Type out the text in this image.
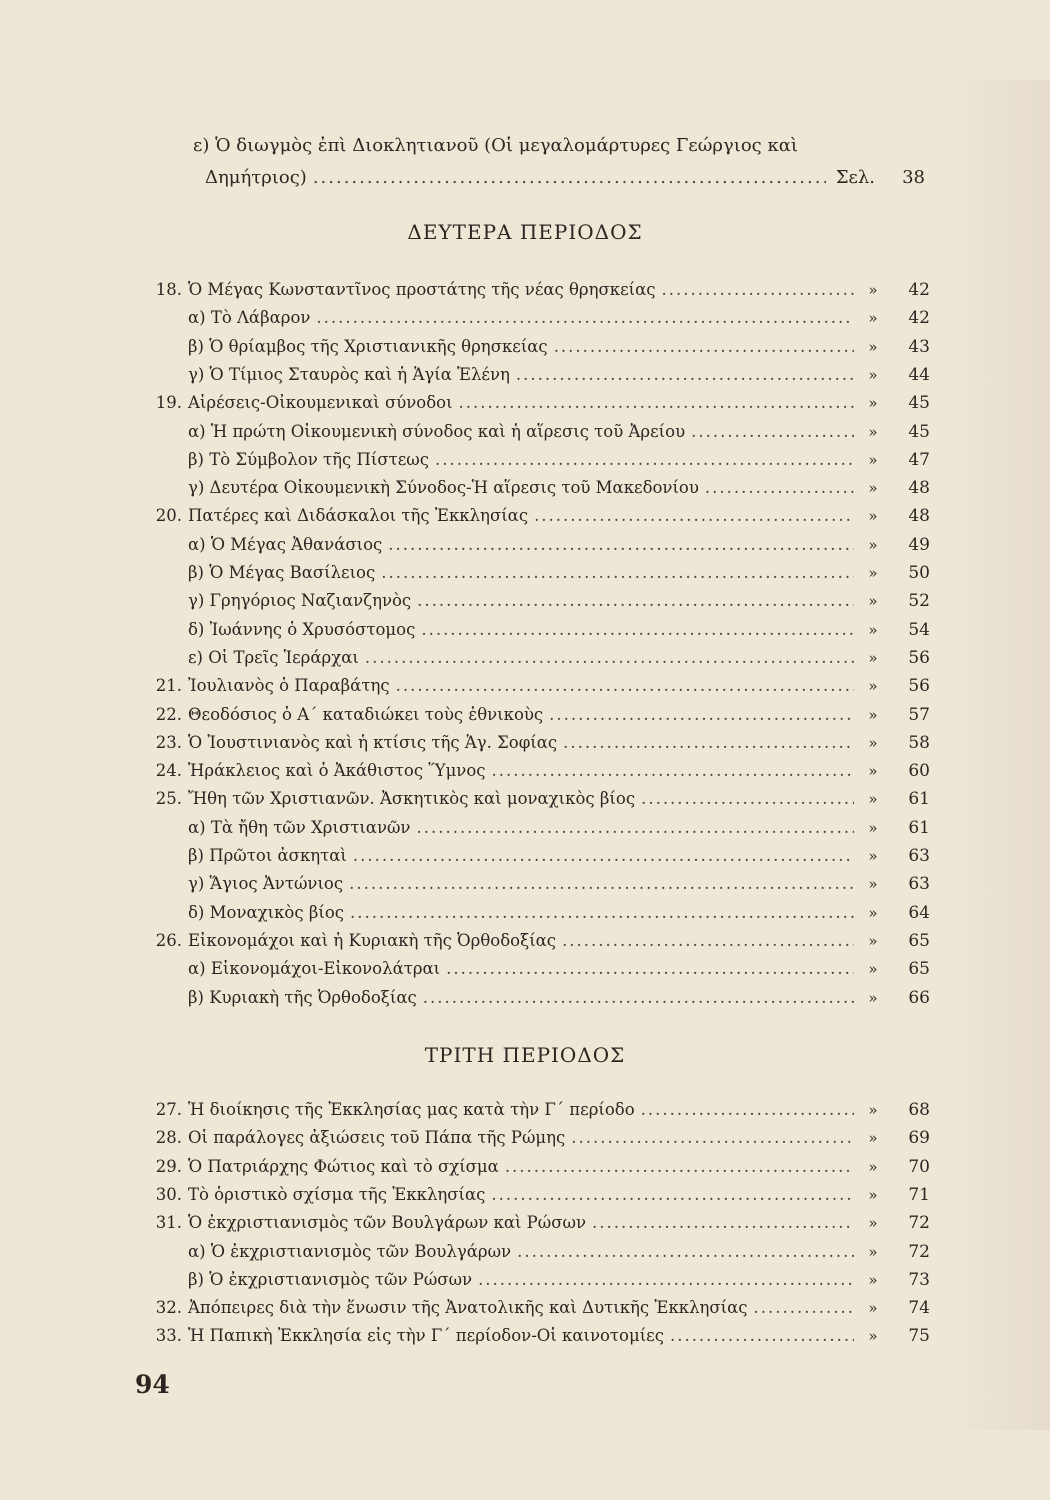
ε) Ὁ διωγμὸς ἐπὶ Διοκλητιανοῦ (Οἱ μεγαλομάρτυρες Γεώργιος καὶ
Δημήτριος) .....	Σελ.	38
ΔΕΥΤΕΡΑ ΠΕΡΙΟΔΟΣ
18. Ὁ Μέγας Κωνσταντῖνος προστάτης τῆς νέας θρησκείας .....	»	42
α) Τὸ Λάβαρον .....	»	42
β) Ὁ θρίαμβος τῆς Χριστιανικῆς θρησκείας .....	»	43
γ) Ὁ Τίμιος Σταυρὸς καὶ ἡ Ἁγία Ἑλένη .....	»	44
19. Αἱρέσεις-Οἰκουμενικαὶ σύνοδοι .....	»	45
α) Ἡ πρώτη Οἰκουμενικὴ σύνοδος καὶ ἡ αἵρεσις τοῦ Ἀρείου .....	»	45
β) Τὸ Σύμβολον τῆς Πίστεως .....	»	47
γ) Δευτέρα Οἰκουμενικὴ Σύνοδος-Ἡ αἵρεσις τοῦ Μακεδονίου .....	»	48
20. Πατέρες καὶ Διδάσκαλοι τῆς Ἐκκλησίας .....	»	48
α) Ὁ Μέγας Ἀθανάσιος .....	»	49
β) Ὁ Μέγας Βασίλειος .....	»	50
γ) Γρηγόριος Ναζιανζηνὸς .....	»	52
δ) Ἰωάννης ὁ Χρυσόστομος .....	»	54
ε) Οἱ Τρεῖς Ἱεράρχαι .....	»	56
21. Ἰουλιανὸς ὁ Παραβάτης .....	»	56
22. Θεοδόσιος ὁ Α΄ καταδιώκει τοὺς ἐθνικοὺς .....	»	57
23. Ὁ Ἰουστινιανὸς καὶ ἡ κτίσις τῆς Ἁγ. Σοφίας .....	»	58
24. Ἡράκλειος καὶ ὁ Ἀκάθιστος Ὕμνος .....	»	60
25. Ἤθη τῶν Χριστιανῶν. Ἀσκητικὸς καὶ μοναχικὸς βίος .....	»	61
α) Τὰ ἤθη τῶν Χριστιανῶν .....	»	61
β) Πρῶτοι ἀσκηταὶ .....	»	63
γ) Ἅγιος Ἀντώνιος .....	»	63
δ) Μοναχικὸς βίος .....	»	64
26. Εἰκονομάχοι καὶ ἡ Κυριακὴ τῆς Ὀρθοδοξίας .....	»	65
α) Εἰκονομάχοι-Εἰκονολάτραι .....	»	65
β) Κυριακὴ τῆς Ὀρθοδοξίας .....	»	66
ΤΡΙΤΗ ΠΕΡΙΟΔΟΣ
27. Ἡ διοίκησις τῆς Ἐκκλησίας μας κατὰ τὴν Γ΄ περίοδο .....	»	68
28. Οἱ παράλογες ἀξιώσεις τοῦ Πάπα τῆς Ρώμης .....	»	69
29. Ὁ Πατριάρχης Φώτιος καὶ τὸ σχίσμα .....	»	70
30. Τὸ ὁριστικὸ σχίσμα τῆς Ἐκκλησίας .....	»	71
31. Ὁ ἐκχριστιανισμὸς τῶν Βουλγάρων καὶ Ρώσων .....	»	72
α) Ὁ ἐκχριστιανισμὸς τῶν Βουλγάρων .....	»	72
β) Ὁ ἐκχριστιανισμὸς τῶν Ρώσων .....	»	73
32. Ἀπόπειρες διὰ τὴν ἕνωσιν τῆς Ἀνατολικῆς καὶ Δυτικῆς Ἐκκλησίας .....	»	74
33. Ἡ Παπικὴ Ἐκκλησία εἰς τὴν Γ΄ περίοδον-Οἱ καινοτομίες .....	»	75
94
